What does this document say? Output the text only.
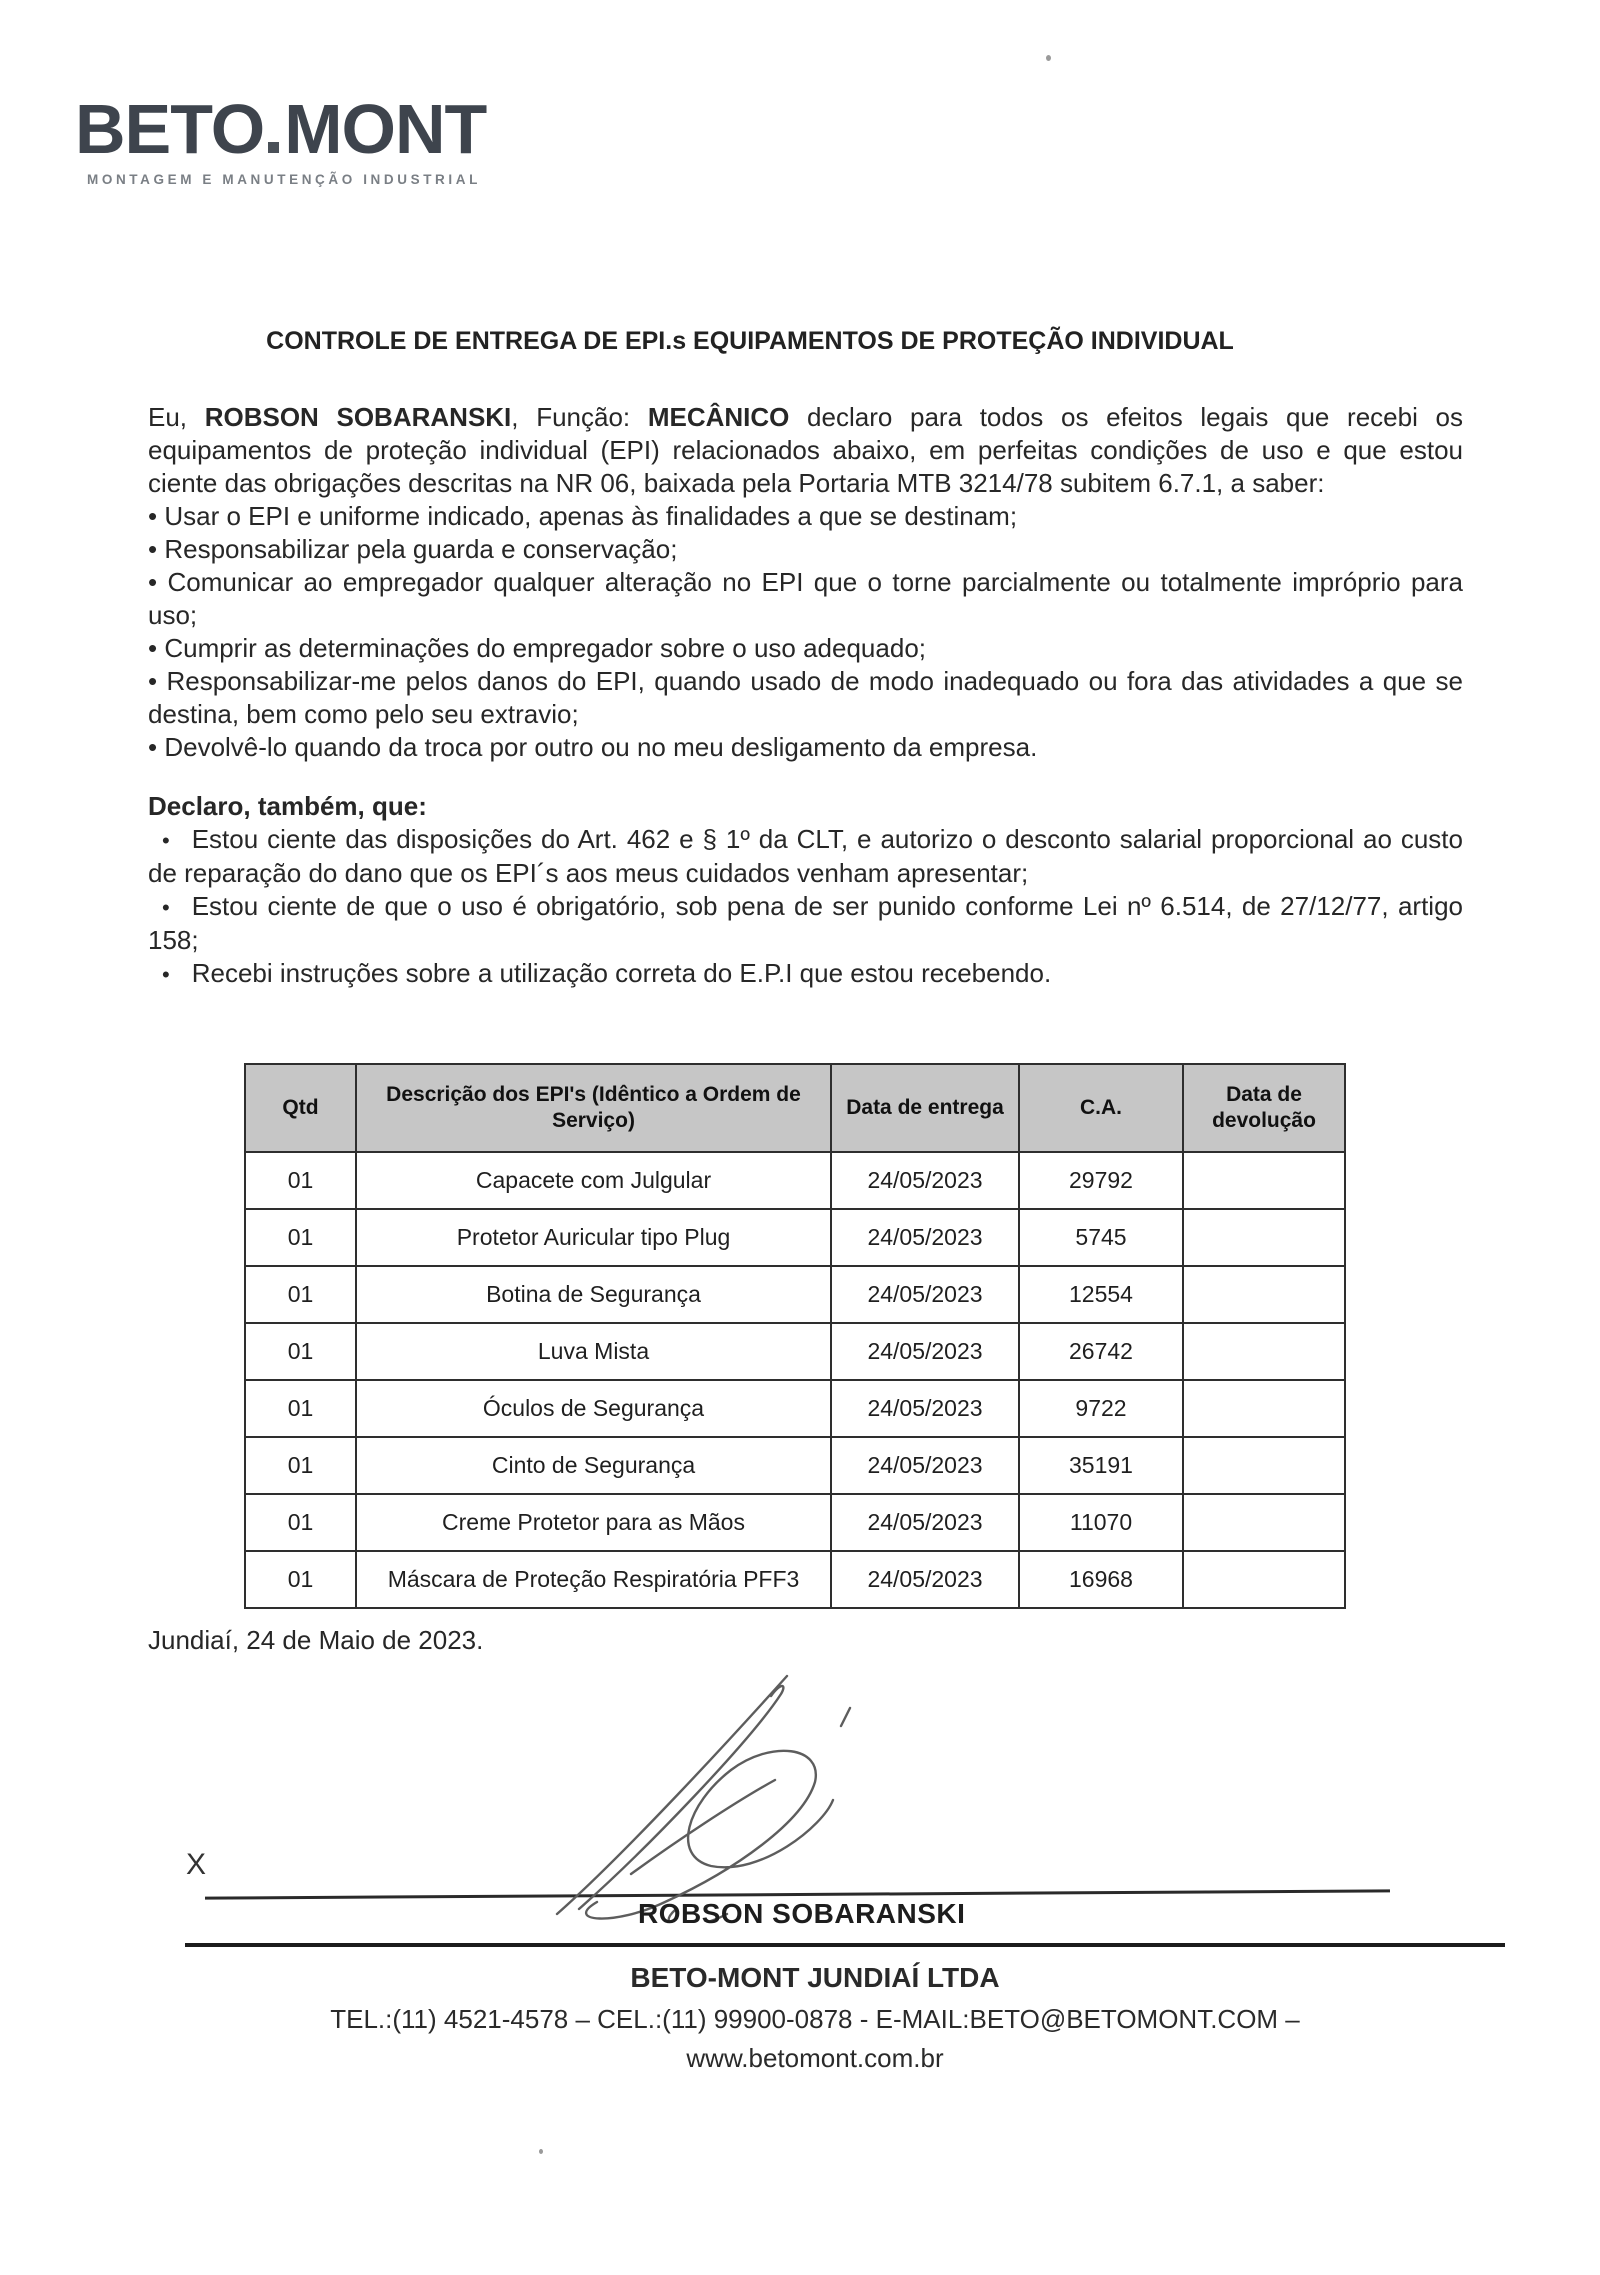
BETO MONT
MONTAGEM E MANUTENÇÃO INDUSTRIAL
CONTROLE DE ENTREGA DE EPI.s EQUIPAMENTOS DE PROTEÇÃO INDIVIDUAL

Eu, ROBSON SOBARANSKI, Função: MECÂNICO declaro para todos os efeitos legais que recebi os equipamentos de proteção individual (EPI) relacionados abaixo, em perfeitas condições de uso e que estou ciente das obrigações descritas na NR 06, baixada pela Portaria MTB 3214/78 subitem 6.7.1, a saber:

• Usar o EPI e uniforme indicado, apenas às finalidades a que se destinam;
• Responsabilizar pela guarda e conservação;
• Comunicar ao empregador qualquer alteração no EPI que o torne parcialmente ou totalmente impróprio para uso;
• Cumprir as determinações do empregador sobre o uso adequado;
• Responsabilizar-me pelos danos do EPI, quando usado de modo inadequado ou fora das atividades a que se destina, bem como pelo seu extravio;
• Devolvê-lo quando da troca por outro ou no meu desligamento da empresa.
Declaro, também, que:

• Estou ciente das disposições do Art. 462 e § 1º da CLT, e autorizo o desconto salarial proporcional ao custo de reparação do dano que os EPI´s aos meus cuidados venham apresentar;

• Estou ciente de que o uso é obrigatório, sob pena de ser punido conforme Lei nº 6.514, de 27/12/77, artigo 158;

• Recebi instruções sobre a utilização correta do E.P.I que estou recebendo.

Qtd	Descrição dos EPI's (Idêntico a Ordem de Serviço)	Data de entrega	C.A.	Data de devolução
01	Capacete com Julgular	24/05/2023	29792	
01	Protetor Auricular tipo Plug	24/05/2023	5745	
01	Botina de Segurança	24/05/2023	12554	
01	Luva Mista	24/05/2023	26742	
01	Óculos de Segurança	24/05/2023	9722	
01	Cinto de Segurança	24/05/2023	35191	
01	Creme Protetor para as Mãos	24/05/2023	11070	
01	Máscara de Proteção Respiratória PFF3	24/05/2023	16968	
Jundiaí, 24 de Maio de 2023.
X
ROBSON SOBARANSKI
BETO-MONT JUNDIAÍ LTDA
TEL.:(11) 4521-4578 – CEL.:(11) 99900-0878 - E-MAIL:BETO@BETOMONT.COM –
www.betomont.com.br
